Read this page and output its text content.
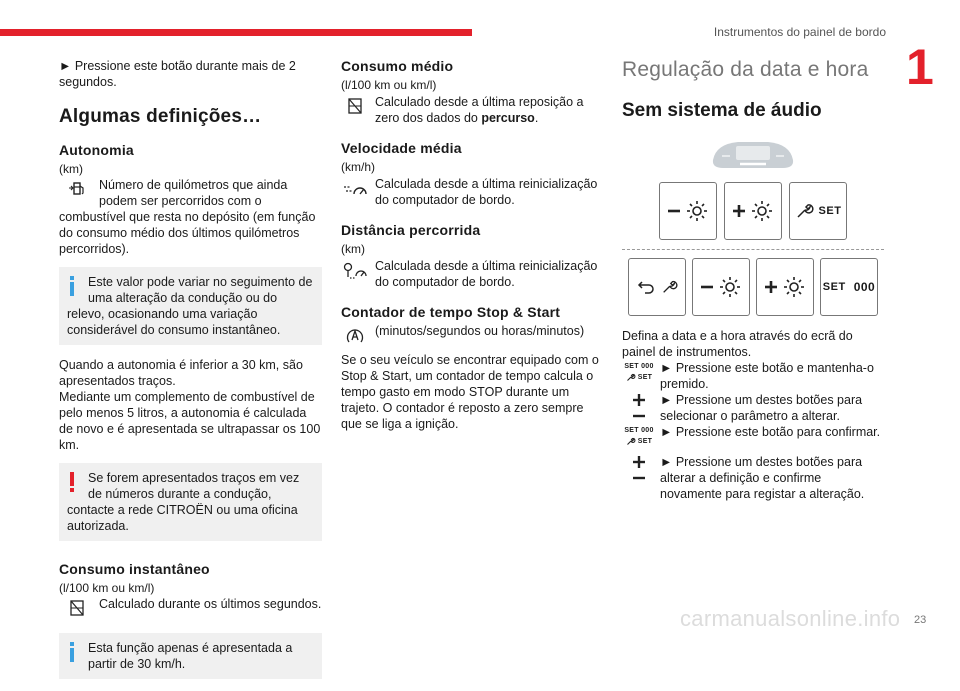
Instrumentos do painel de bordo
1

► Pressione este botão durante mais de 2 segundos.

Algumas definições…
Autonomia
(km)

Número de quilómetros que ainda podem ser percorridos com o combustível que resta no depósito (em função do consumo médio dos últimos quilómetros percorridos).

Este valor pode variar no seguimento de uma alteração da condução ou do relevo, ocasionando uma variação considerável do consumo instantâneo.

Quando a autonomia é inferior a 30 km, são apresentados traços.

Mediante um complemento de combustível de pelo menos 5 litros, a autonomia é calculada de novo e é apresentada se ultrapassar os 100 km.

Se forem apresentados traços em vez de números durante a condução, contacte a rede CITROËN ou uma oficina autorizada.

Consumo instantâneo
(l/100 km ou km/l)

Calculado durante os últimos segundos.

Esta função apenas é apresentada a partir de 30 km/h.

Consumo médio
(l/100 km ou km/l)

Calculado desde a última reposição a zero dos dados do percurso.

Velocidade média
(km/h)

Calculada desde a última reinicialização do computador de bordo.

Distância percorrida
(km)

Calculada desde a última reinicialização do computador de bordo.

Contador de tempo Stop & Start

(minutos/segundos ou horas/minutos)

Se o seu veículo se encontrar equipado com o Stop & Start, um contador de tempo calcula o tempo gasto em modo STOP durante um trajeto. O contador é reposto a zero sempre que se liga a ignição.

Regulação da data e hora
Sem sistema de áudio
SET
SET 000

Defina a data e a hora através do ecrã do painel de instrumentos.

SET 000
SET

► Pressione este botão e mantenha-o premido.

► Pressione um destes botões para selecionar o parâmetro a alterar.

SET 000
SET

► Pressione este botão para confirmar.

► Pressione um destes botões para alterar a definição e confirme novamente para registar a alteração.

carmanualsonline.info 23
